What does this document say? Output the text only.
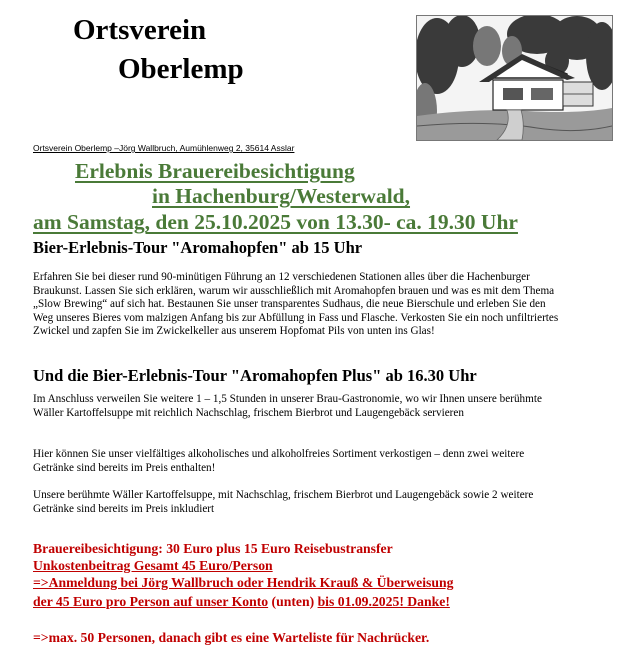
Ortsverein
Oberlemp
Ortsverein Oberlemp –Jörg Wallbruch, Aumühlenweg 2, 35614 Asslar
Erlebnis Brauereibesichtigung
in Hachenburg/Westerwald,
am Samstag, den 25.10.2025 von 13.30- ca. 19.30 Uhr
Bier-Erlebnis-Tour "Aromahopfen" ab 15 Uhr
Erfahren Sie bei dieser rund 90-minütigen Führung an 12 verschiedenen Stationen alles über die Hachenburger Braukunst. Lassen Sie sich erklären, warum wir ausschließlich mit Aromahopfen brauen und was es mit dem Thema „Slow Brewing“ auf sich hat. Bestaunen Sie unser transparentes Sudhaus, die neue Bierschule und erleben Sie den Weg unseres Bieres vom malzigen Anfang bis zur Abfüllung in Fass und Flasche. Verkosten Sie ein noch unfiltriertes Zwickel und zapfen Sie im Zwickelkeller aus unserem Hopfomat Pils von unten ins Glas!
Und die Bier-Erlebnis-Tour "Aromahopfen Plus" ab 16.30 Uhr
Im Anschluss verweilen Sie weitere 1 – 1,5 Stunden in unserer Brau-Gastronomie, wo wir Ihnen unsere berühmte Wäller Kartoffelsuppe mit reichlich Nachschlag, frischem Bierbrot und Laugengebäck servieren
Hier können Sie unser vielfältiges alkoholisches und alkoholfreies Sortiment verkostigen – denn zwei weitere Getränke sind bereits im Preis enthalten!
Unsere berühmte Wäller Kartoffelsuppe, mit Nachschlag, frischem Bierbrot und Laugengebäck sowie 2 weitere Getränke sind bereits im Preis inkludiert
Brauereibesichtigung: 30 Euro plus 15 Euro Reisebustransfer
Unkostenbeitrag Gesamt 45 Euro/Person
=>Anmeldung bei Jörg Wallbruch oder Hendrik Krauß & Überweisung
der 45 Euro pro Person auf unser Konto (unten) bis 01.09.2025! Danke!
=>max. 50 Personen, danach gibt es eine Warteliste für Nachrücker.
